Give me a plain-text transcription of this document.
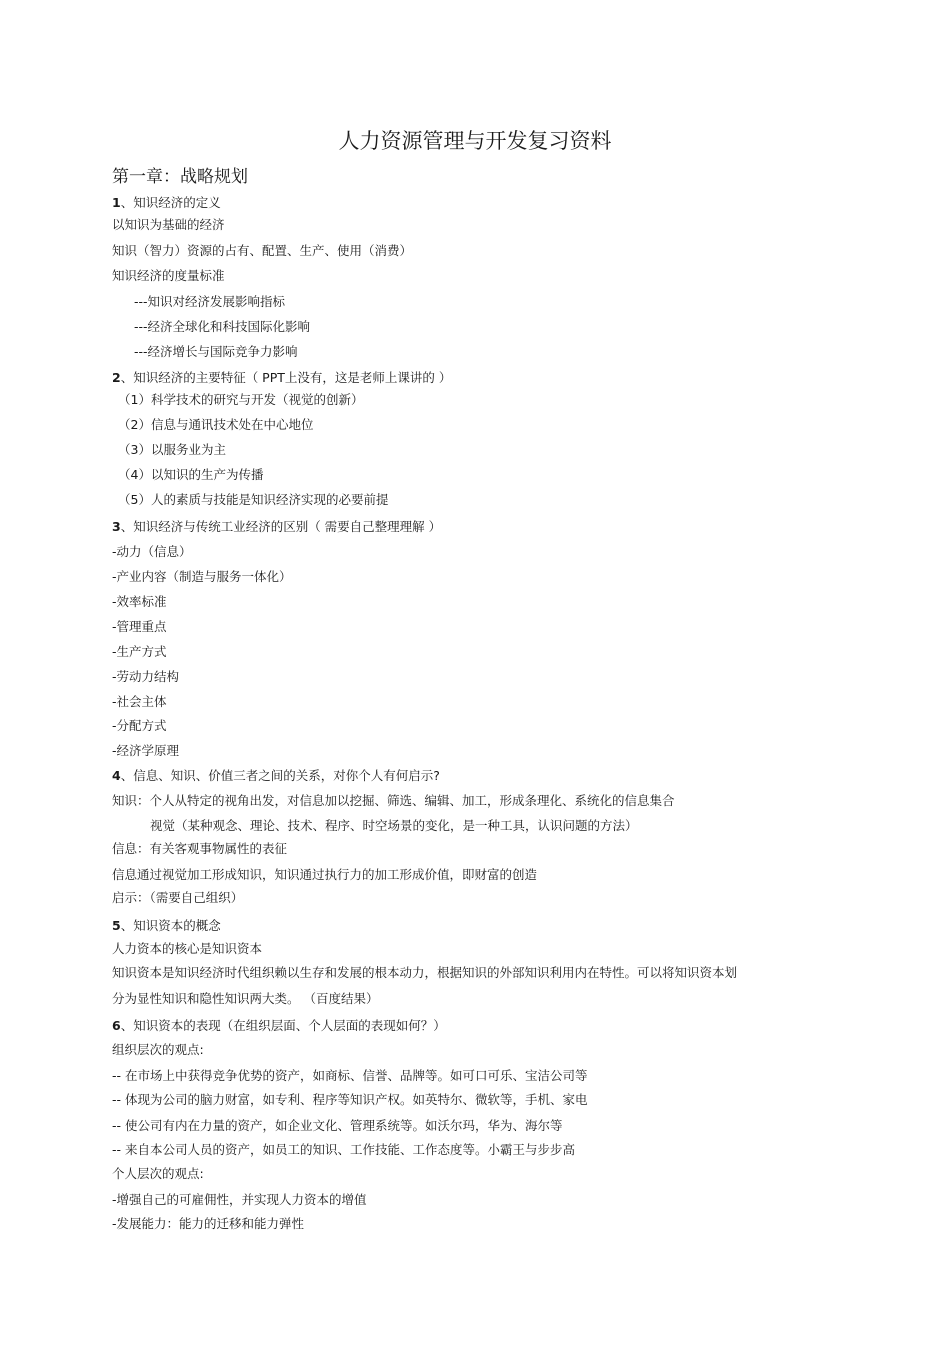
人力资源管理与开发复习资料
第一章：战略规划
1、知识经济的定义
以知识为基础的经济
知识（智力）资源的占有、配置、生产、使用（消费）
知识经济的度量标准
---知识对经济发展影响指标
---经济全球化和科技国际化影响
---经济增长与国际竞争力影响
2、知识经济的主要特征（ PPT上没有，这是老师上课讲的 ）
（1）科学技术的研究与开发（视觉的创新）
（2）信息与通讯技术处在中心地位
（3）以服务业为主
（4）以知识的生产为传播
（5）人的素质与技能是知识经济实现的必要前提
3、知识经济与传统工业经济的区别（ 需要自己整理理解 ）
-动力（信息）
-产业内容（制造与服务一体化）
-效率标准
-管理重点
-生产方式
-劳动力结构
-社会主体
-分配方式
-经济学原理
4、信息、知识、价值三者之间的关系，对你个人有何启示?
知识：个人从特定的视角出发，对信息加以挖掘、筛选、编辑、加工，形成条理化、系统化的信息集合
视觉（某种观念、理论、技术、程序、时空场景的变化，是一种工具，认识问题的方法）
信息：有关客观事物属性的表征
信息通过视觉加工形成知识，知识通过执行力的加工形成价值，即财富的创造
启示：（需要自己组织）
5、知识资本的概念
人力资本的核心是知识资本
知识资本是知识经济时代组织赖以生存和发展的根本动力，根据知识的外部知识利用内在特性。可以将知识资本划
分为显性知识和隐性知识两大类。 （百度结果）
6、知识资本的表现（在组织层面、个人层面的表现如何？）
组织层次的观点:
-- 在市场上中获得竞争优势的资产，如商标、信誉、品牌等。如可口可乐、宝洁公司等
-- 体现为公司的脑力财富，如专利、程序等知识产权。如英特尔、微软等，手机、家电
-- 使公司有内在力量的资产，如企业文化、管理系统等。如沃尔玛，华为、海尔等
-- 来自本公司人员的资产，如员工的知识、工作技能、工作态度等。小霸王与步步高
个人层次的观点:
-增强自己的可雇佣性，并实现人力资本的增值
-发展能力：能力的迁移和能力弹性
